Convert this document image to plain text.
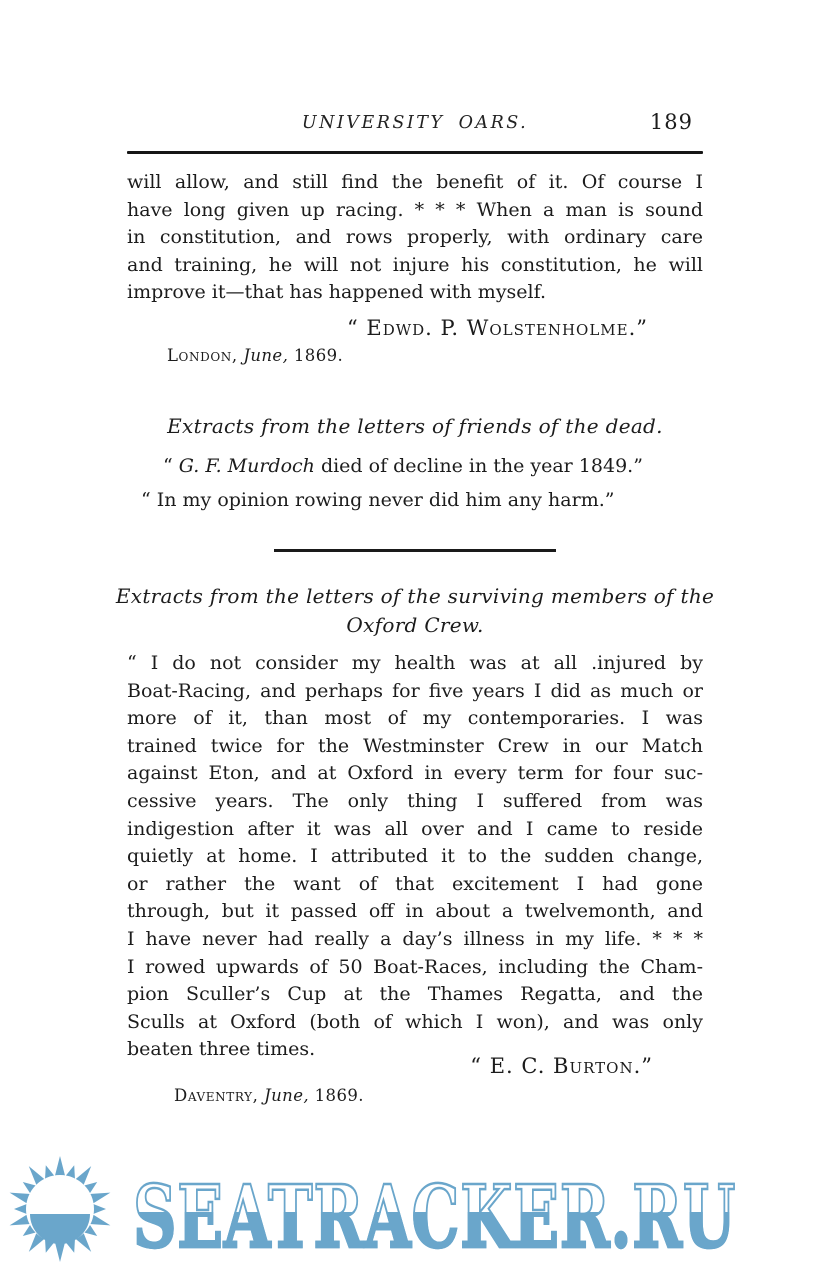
UNIVERSITY OARS.	189
will allow, and still find the benefit of it. Of course I
have long given up racing. * * * When a man is sound
in constitution, and rows properly, with ordinary care
and training, he will not injure his constitution, he will
improve it—that has happened with myself.
“ Edwd. P. Wolstenholme.”
London, June, 1869.
Extracts from the letters of friends of the dead.
“ G. F. Murdoch died of decline in the year 1849.”
“ In my opinion rowing never did him any harm.”
Extracts from the letters of the surviving members of the
Oxford Crew.
“ I do not consider my health was at all .injured by
Boat-Racing, and perhaps for five years I did as much or
more of it, than most of my contemporaries. I was
trained twice for the Westminster Crew in our Match
against Eton, and at Oxford in every term for four suc-
cessive years. The only thing I suffered from was
indigestion after it was all over and I came to reside
quietly at home. I attributed it to the sudden change,
or rather the want of that excitement I had gone
through, but it passed off in about a twelvemonth, and
I have never had really a day’s illness in my life. * * *
I rowed upwards of 50 Boat-Races, including the Cham-
pion Sculler’s Cup at the Thames Regatta, and the
Sculls at Oxford (both of which I won), and was only
beaten three times.
“ E. C. Burton.”
Daventry, June, 1869.
SEATRACKER.RU
